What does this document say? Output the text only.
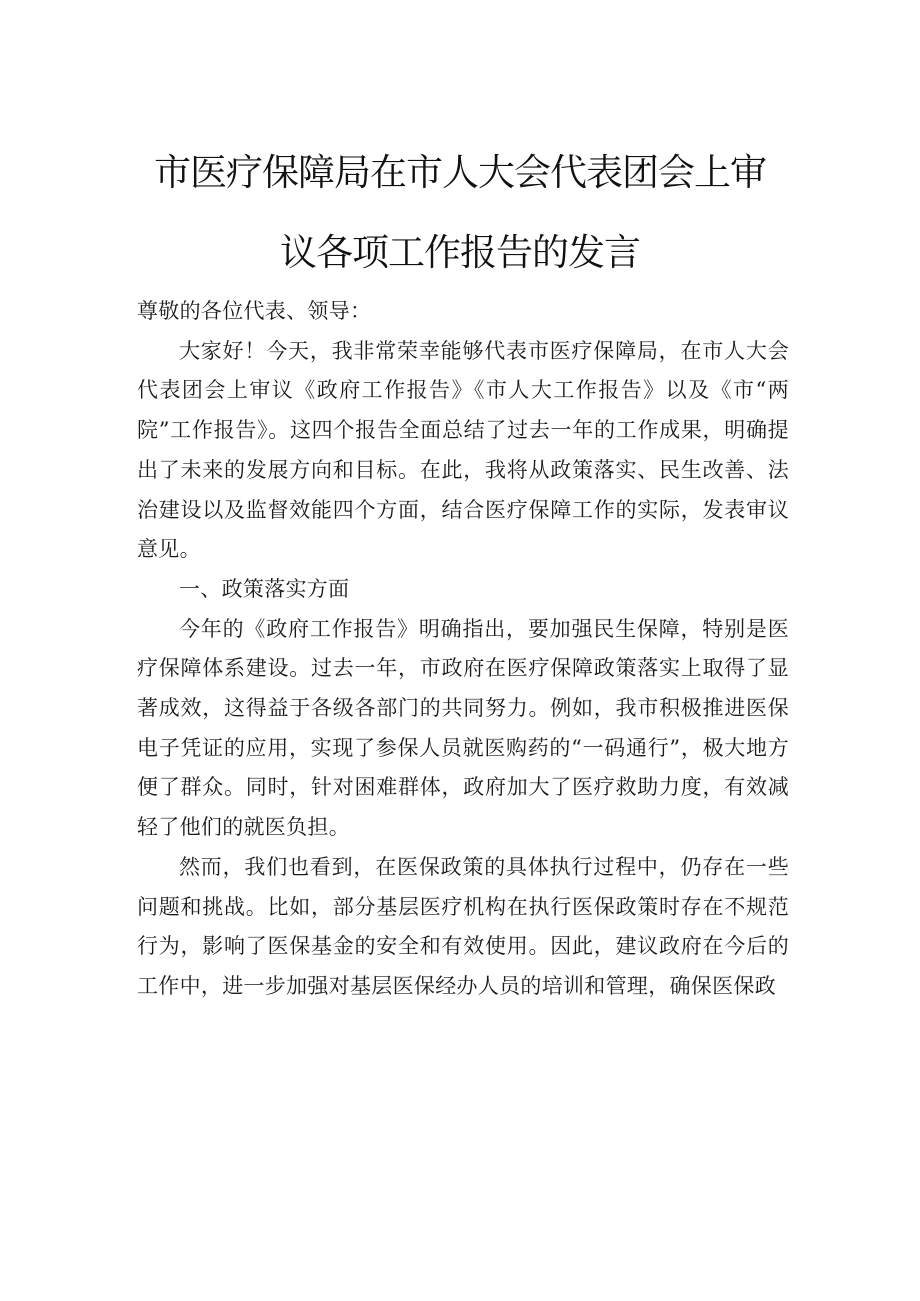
市医疗保障局在市人大会代表团会上审
议各项工作报告的发言

尊敬的各位代表、领导：

大家好！今天，我非常荣幸能够代表市医疗保障局，在市人大会代表团会上审议《政府工作报告》《市人大工作报告》以及《市“两院”工作报告》。这四个报告全面总结了过去一年的工作成果，明确提出了未来的发展方向和目标。在此，我将从政策落实、民生改善、法治建设以及监督效能四个方面，结合医疗保障工作的实际，发表审议意见。

一、政策落实方面

今年的《政府工作报告》明确指出，要加强民生保障，特别是医疗保障体系建设。过去一年，市政府在医疗保障政策落实上取得了显著成效，这得益于各级各部门的共同努力。例如，我市积极推进医保电子凭证的应用，实现了参保人员就医购药的“一码通行”，极大地方便了群众。同时，针对困难群体，政府加大了医疗救助力度，有效减轻了他们的就医负担。

然而，我们也看到，在医保政策的具体执行过程中，仍存在一些问题和挑战。比如，部分基层医疗机构在执行医保政策时存在不规范行为，影响了医保基金的安全和有效使用。因此，建议政府在今后的工作中，进一步加强对基层医保经办人员的培训和管理，确保医保政
